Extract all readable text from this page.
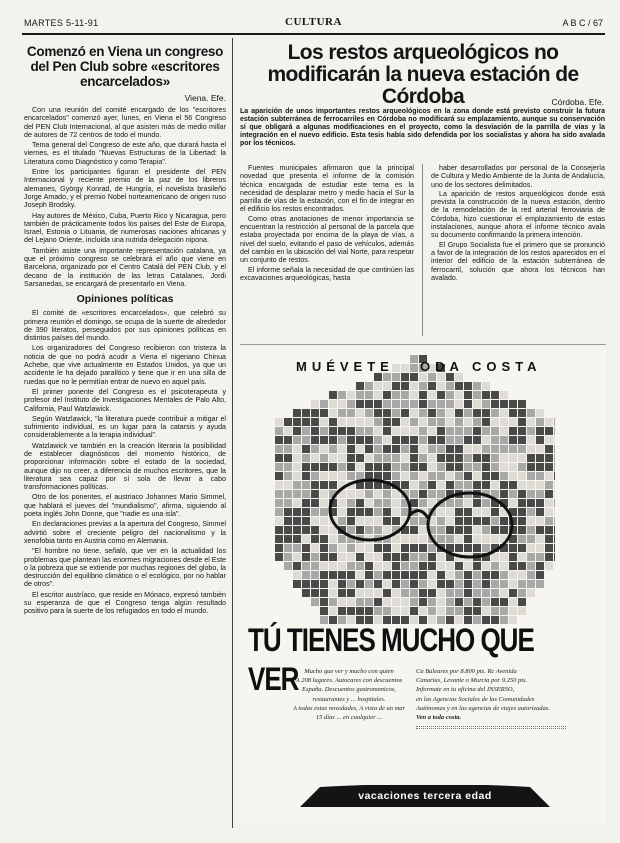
MARTES 5-11-91	CULTURA	A B C / 67
Comenzó en Viena un congreso del Pen Club sobre «escritores encarcelados»
Viena. Efe.

Con una reunión del comité encargado de los "escritores encarcelados" comenzó ayer, lunes, en Viena el 56 Congreso del PEN Club Internacional, al que asisten más de medio millar de autores de 72 centros de todo el mundo.

Tema general del Congreso de este año, que durará hasta el viernes, es el titulado "Nuevas Estructuras de la Libertad: la Literatura como Diagnóstico y como Terapia".

Entre los participantes figuran el presidente del PEN Internacional y reciente premio de la paz de los libreros alemanes, György Konrad, de Hungría, el novelista brasileño Jorge Amado, y el premio Nobel norteamericano de origen ruso Joseph Brodsky.

Hay autores de México, Cuba, Puerto Rico y Nicaragua, pero también de prácticamente todos los países del Este de Europa, Israel, Estonia o Lituania, de numerosas naciones africanas y del Lejano Oriente, incluida una nutrida delegación nipona.

También asiste una importante representación catalana, ya que el próximo congreso se celebrará el año que viene en Barcelona, organizado por el Centro Català del PEN Club, y el decano de la institución de las letras Catalanes, Jordi Sarsanedas, se encargará de presentarlo en Viena.

Opiniones políticas

El comité de «escritores encarcelados», que celebró su primera reunión el domingo, se ocupa de la suerte de alrededor de 390 literatos, perseguidos por sus opiniones políticas en distintos países del mundo.

Los organizadores del Congreso recibieron con tristeza la noticia de que no podrá acudir a Viena el nigeriano Chinua Achebe, que vive actualmente en Estados Unidos, ya que un accidente le ha dejado paralítico y tiene que ir en una silla de ruedas que no le permitían entrar de nuevo en aquel país.

El primer ponente del Congreso es el psicoterapeuta y profesor del Instituto de Investigaciones Mentales de Palo Alto, California, Paul Watzlawick.

Según Watzlawick, "la literatura puede contribuir a mitigar el sufrimiento individual, es un lugar para la catarsis y ayuda considerablemente a la terapia individual".

Watzlawick ve también en la creación literaria la posibilidad de establecer diagnósticos del momento histórico, de proporcionar información sobre el estado de la sociedad, aunque dijo no creer, a diferencia de muchos escritores, que la literatura sea capaz por sí sola de llevar a cabo transformaciones políticas.

Otro de los ponentes, el austriaco Johannes Mario Simmel, que hablará el jueves del "mundialismo", afirma, siguiendo al poeta inglés John Donne, que "nadie es una isla".

En declaraciones previas a la apertura del Congreso, Simmel advirtió sobre el creciente peligro del nacionalismo y la xenofobia tanto en Austria como en Alemania.

"El hombre no tiene, señaló, que ver en la actualidad los problemas que plantean las enormes migraciones desde el Este o la pobreza que se extiende por muchas regiones del globo, la destrucción del equilibrio climático o el ecológico, por no hablar de otros".

El escritor austríaco, que reside en Mónaco, expresó también su esperanza de que el Congreso tenga algún resultado positivo para la suerte de los refugiados en todo el mundo.

Los restos arqueológicos no modificarán la nueva estación de Córdoba	Córdoba. Efe.

La aparición de unos importantes restos arqueológicos en la zona donde está previsto construir la futura estación subterránea de ferrocarriles en Córdoba no modificará su emplazamiento, aunque su conservación sí que obligará a algunas modificaciones en el proyecto, como la desviación de la parrilla de vías y la integración en el nuevo edificio. Esta tesis había sido defendida por los socialistas y ahora ha sido avalada por los técnicos.

Fuentes municipales afirmaron que la principal novedad que presenta el informe de la comisión técnica encargada de estudiar este tema es la necesidad de desplazar metro y medio hacia el Sur la parrilla de vías de la estación, con el fin de integrar en el edificio los restos encontrados.

Como otras anotaciones de menor importancia se encuentran la restricción al personal de la parcela que estaba proyectada por encima de la playa de vías, a nivel del suelo, evitando el paso de vehículos, además del cambio en la ubicación del vial Norte, para respetar un conjunto de restos.

El informe señala la necesidad de que continúen las excavaciones arqueológicas, hasta

haber desarrollados por personal de la Consejería de Cultura y Medio Ambiente de la Junta de Andalucía, uno de los sectores delimitados.

La aparición de restos arqueológicos donde está prevista la construcción de la nueva estación, dentro de la remodelación de la red arterial ferroviaria de Córdoba, hizo cuestionar el emplazamiento de estas instalaciones, aunque ahora el informe técnico avala su documento confirmando la primera intención.

El Grupo Socialista fue el primero que se pronunció a favor de la integración de los restos aparecidos en el interior del edificio de la estación subterránea de ferrocarril, solución que ahora los técnicos han avalado.

MUÉVETE ODA COSTA
TÚ TIENES MUCHO QUE VER Mucho que ver y mucho con quien
A 208 lugares. Autocares con descuentos
España. Descuentos gastronomicos,
restaurantes y ... hospitales.
A todas estas novedades, A vista de un mar
15 días ... en cualquier ...
Ca Baleares por 8.800 pts. Rc Avenida
Canarias, Levante o Murcia por 9.250 pts.
Informate en tu oficina del INSERSO,
en las Agencias Sociales de las Comunidades
Autónomas y en las agencias de viajes autorizadas.
Ven a toda costa.
vacaciones tercera edad
